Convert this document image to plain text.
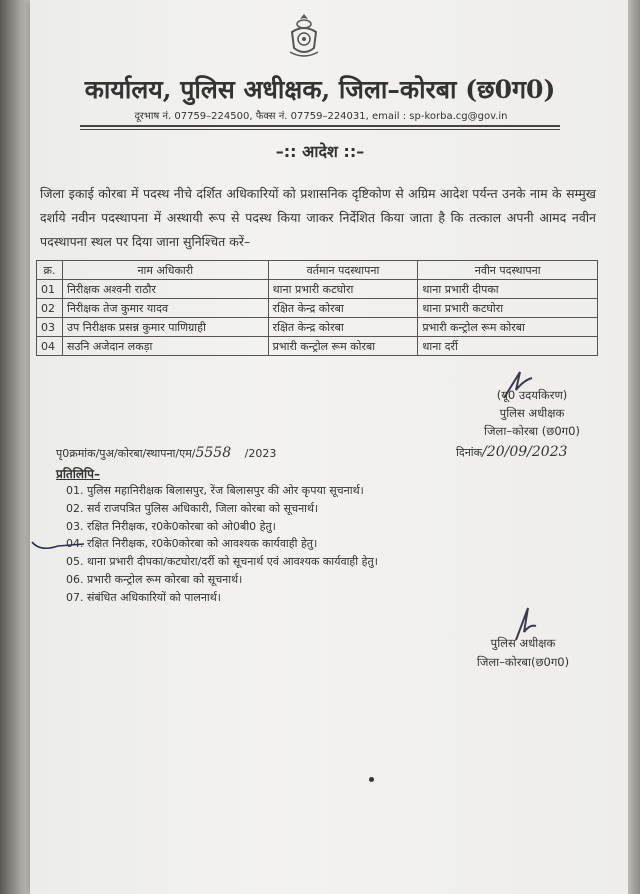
कार्यालय, पुलिस अधीक्षक, जिला–कोरबा (छ0ग0)
दूरभाष नं. 07759–224500, फैक्स नं. 07759–224031, email : sp-korba.cg@gov.in
–:: आदेश ::–
जिला इकाई कोरबा में पदस्थ नीचे दर्शित अधिकारियों को प्रशासनिक दृष्टिकोण से अग्रिम आदेश पर्यन्त उनके नाम के सम्मुख दर्शाये नवीन पदस्थापना में अस्थायी रूप से पदस्थ किया जाकर निर्देशित किया जाता है कि तत्काल अपनी आमद नवीन पदस्थापना स्थल पर दिया जाना सुनिश्चित करें–
क्र.	नाम अधिकारी	वर्तमान पदस्थापना	नवीन पदस्थापना
01	निरीक्षक अश्वनी राठौर	थाना प्रभारी कटघोरा	थाना प्रभारी दीपका
02	निरीक्षक तेज कुमार यादव	रक्षित केन्द्र कोरबा	थाना प्रभारी कटघोरा
03	उप निरीक्षक प्रसन्न कुमार पाणिग्राही	रक्षित केन्द्र कोरबा	प्रभारी कन्ट्रोल रूम कोरबा
04	सउनि अजेदान लकड़ा	प्रभारी कन्ट्रोल रूम कोरबा	थाना दर्री
(यू0 उदयकिरण)
पुलिस अधीक्षक
जिला–कोरबा (छ0ग0)
पृ0क्रमांक/पुअ/कोरबा/स्थापना/एम/5558 /2023	दिनांक/20/09/2023
प्रतिलिपि–
01. पुलिस महानिरीक्षक बिलासपुर, रेंज बिलासपुर की ओर कृपया सूचनार्थ।
02. सर्व राजपत्रित पुलिस अधिकारी, जिला कोरबा को सूचनार्थ।
03. रक्षित निरीक्षक, र0के0कोरबा को ओ0बी0 हेतु।
04. रक्षित निरीक्षक, र0के0कोरबा को आवश्यक कार्यवाही हेतु।
05. थाना प्रभारी दीपका/कटघोरा/दर्री को सूचनार्थ एवं आवश्यक कार्यवाही हेतु।
06. प्रभारी कन्ट्रोल रूम कोरबा को सूचनार्थ।
07. संबंधित अधिकारियों को पालनार्थ।
पुलिस अधीक्षक
जिला–कोरबा(छ0ग0)
